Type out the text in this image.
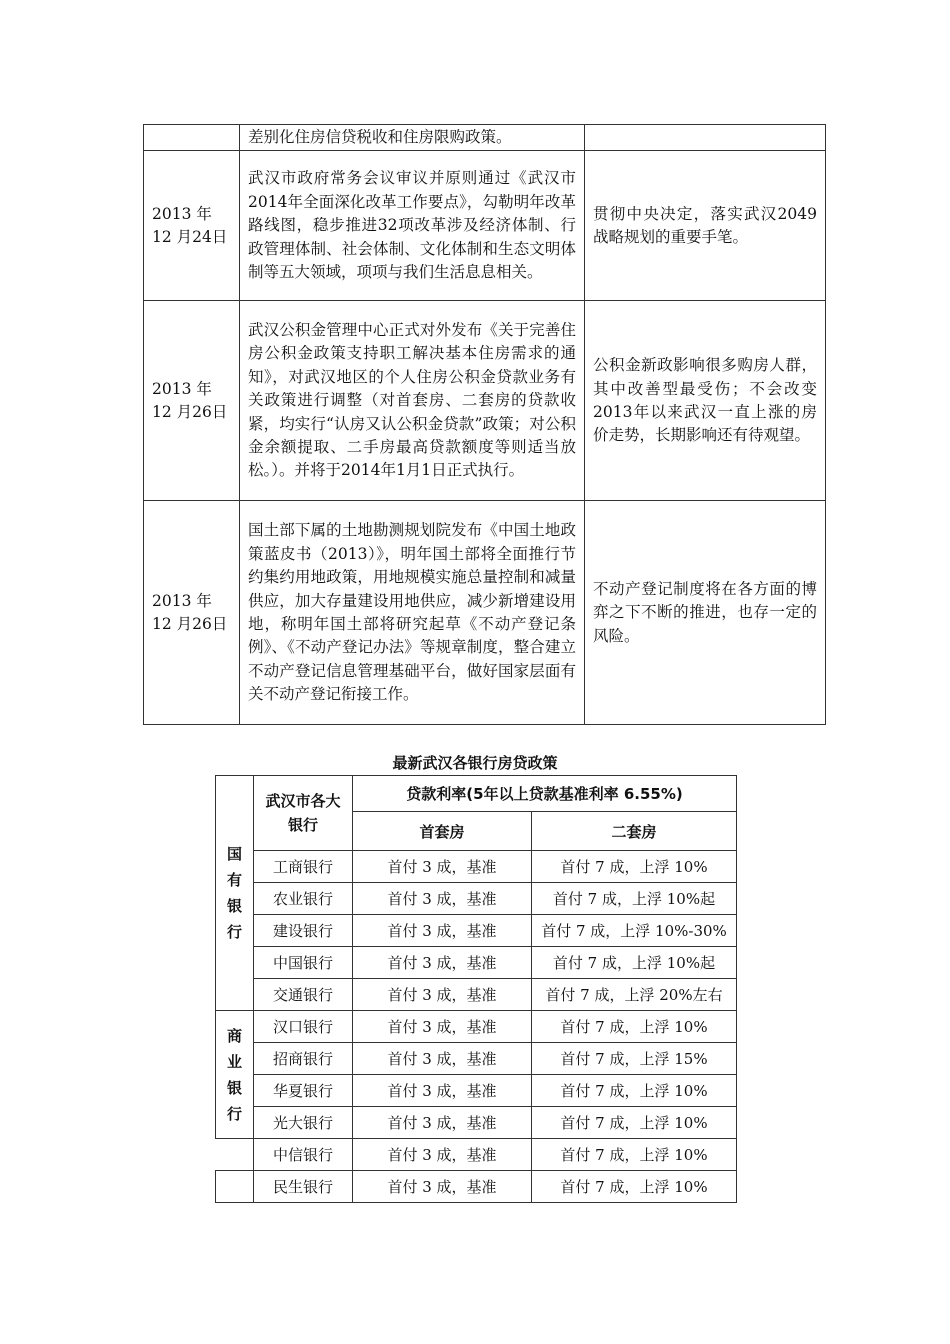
	差别化住房信贷税收和住房限购政策。	
2013 年 12 月24日	武汉市政府常务会议审议并原则通过《武汉市2014年全面深化改革工作要点》，勾勒明年改革路线图，稳步推进32项改革涉及经济体制、行政管理体制、社会体制、文化体制和生态文明体制等五大领域，项项与我们生活息息相关。	贯彻中央决定，落实武汉2049战略规划的重要手笔。
2013 年 12 月26日	武汉公积金管理中心正式对外发布《关于完善住房公积金政策支持职工解决基本住房需求的通知》，对武汉地区的个人住房公积金贷款业务有关政策进行调整（对首套房、二套房的贷款收紧，均实行“认房又认公积金贷款”政策；对公积金余额提取、二手房最高贷款额度等则适当放松。）。并将于2014年1月1日正式执行。	公积金新政影响很多购房人群，其中改善型最受伤；不会改变2013年以来武汉一直上涨的房价走势，长期影响还有待观望。
2013 年 12 月26日	国土部下属的土地勘测规划院发布《中国土地政策蓝皮书（2013）》，明年国土部将全面推行节约集约用地政策，用地规模实施总量控制和减量供应，加大存量建设用地供应，减少新增建设用地，称明年国土部将研究起草《不动产登记条例》、《不动产登记办法》等规章制度，整合建立不动产登记信息管理基础平台，做好国家层面有关不动产登记衔接工作。	不动产登记制度将在各方面的博弈之下不断的推进，也存一定的风险。
最新武汉各银行房贷政策
国
有
银
行	武汉市各大银行	贷款利率(5年以上贷款基准利率 6.55%)	
		首套房	二套房
	工商银行	首付 3 成，基准	首付 7 成，上浮 10%
	农业银行	首付 3 成，基准	首付 7 成，上浮 10%起
	建设银行	首付 3 成，基准	首付 7 成，上浮 10%-30%
	中国银行	首付 3 成，基准	首付 7 成，上浮 10%起
	交通银行	首付 3 成，基准	首付 7 成，上浮 20%左右

商
业
银
行	汉口银行	首付 3 成，基准	首付 7 成，上浮 10%
	招商银行	首付 3 成，基准	首付 7 成，上浮 15%
	华夏银行	首付 3 成，基准	首付 7 成，上浮 10%
	光大银行	首付 3 成，基准	首付 7 成，上浮 10%
	中信银行	首付 3 成，基准	首付 7 成，上浮 10%
	民生银行	首付 3 成，基准	首付 7 成，上浮 10%
